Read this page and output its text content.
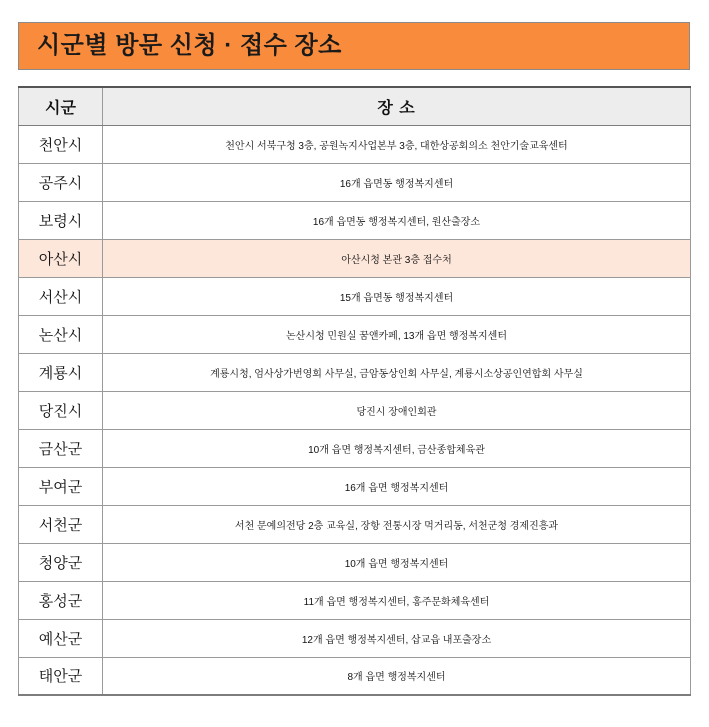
시군별 방문 신청 · 접수 장소
시군	장 소
천안시	천안시 서북구청 3층, 공원녹지사업본부 3층, 대한상공회의소 천안기술교육센터
공주시	16개 읍면동 행정복지센터
보령시	16개 읍면동 행정복지센터, 원산출장소
아산시	아산시청 본관 3층 접수처
서산시	15개 읍면동 행정복지센터
논산시	논산시청 민원실 꿈앤카페, 13개 읍면 행정복지센터
계룡시	계룡시청, 엄사상가번영회 사무실, 금암동상인회 사무실, 계룡시소상공인연합회 사무실
당진시	당진시 장애인회관
금산군	10개 읍면 행정복지센터, 금산종합체육관
부여군	16개 읍면 행정복지센터
서천군	서천 문예의전당 2층 교육실, 장항 전통시장 먹거리동, 서천군청 경제진흥과
청양군	10개 읍면 행정복지센터
홍성군	11개 읍면 행정복지센터, 홍주문화체육센터
예산군	12개 읍면 행정복지센터, 삽교읍 내포출장소
태안군	8개 읍면 행정복지센터
